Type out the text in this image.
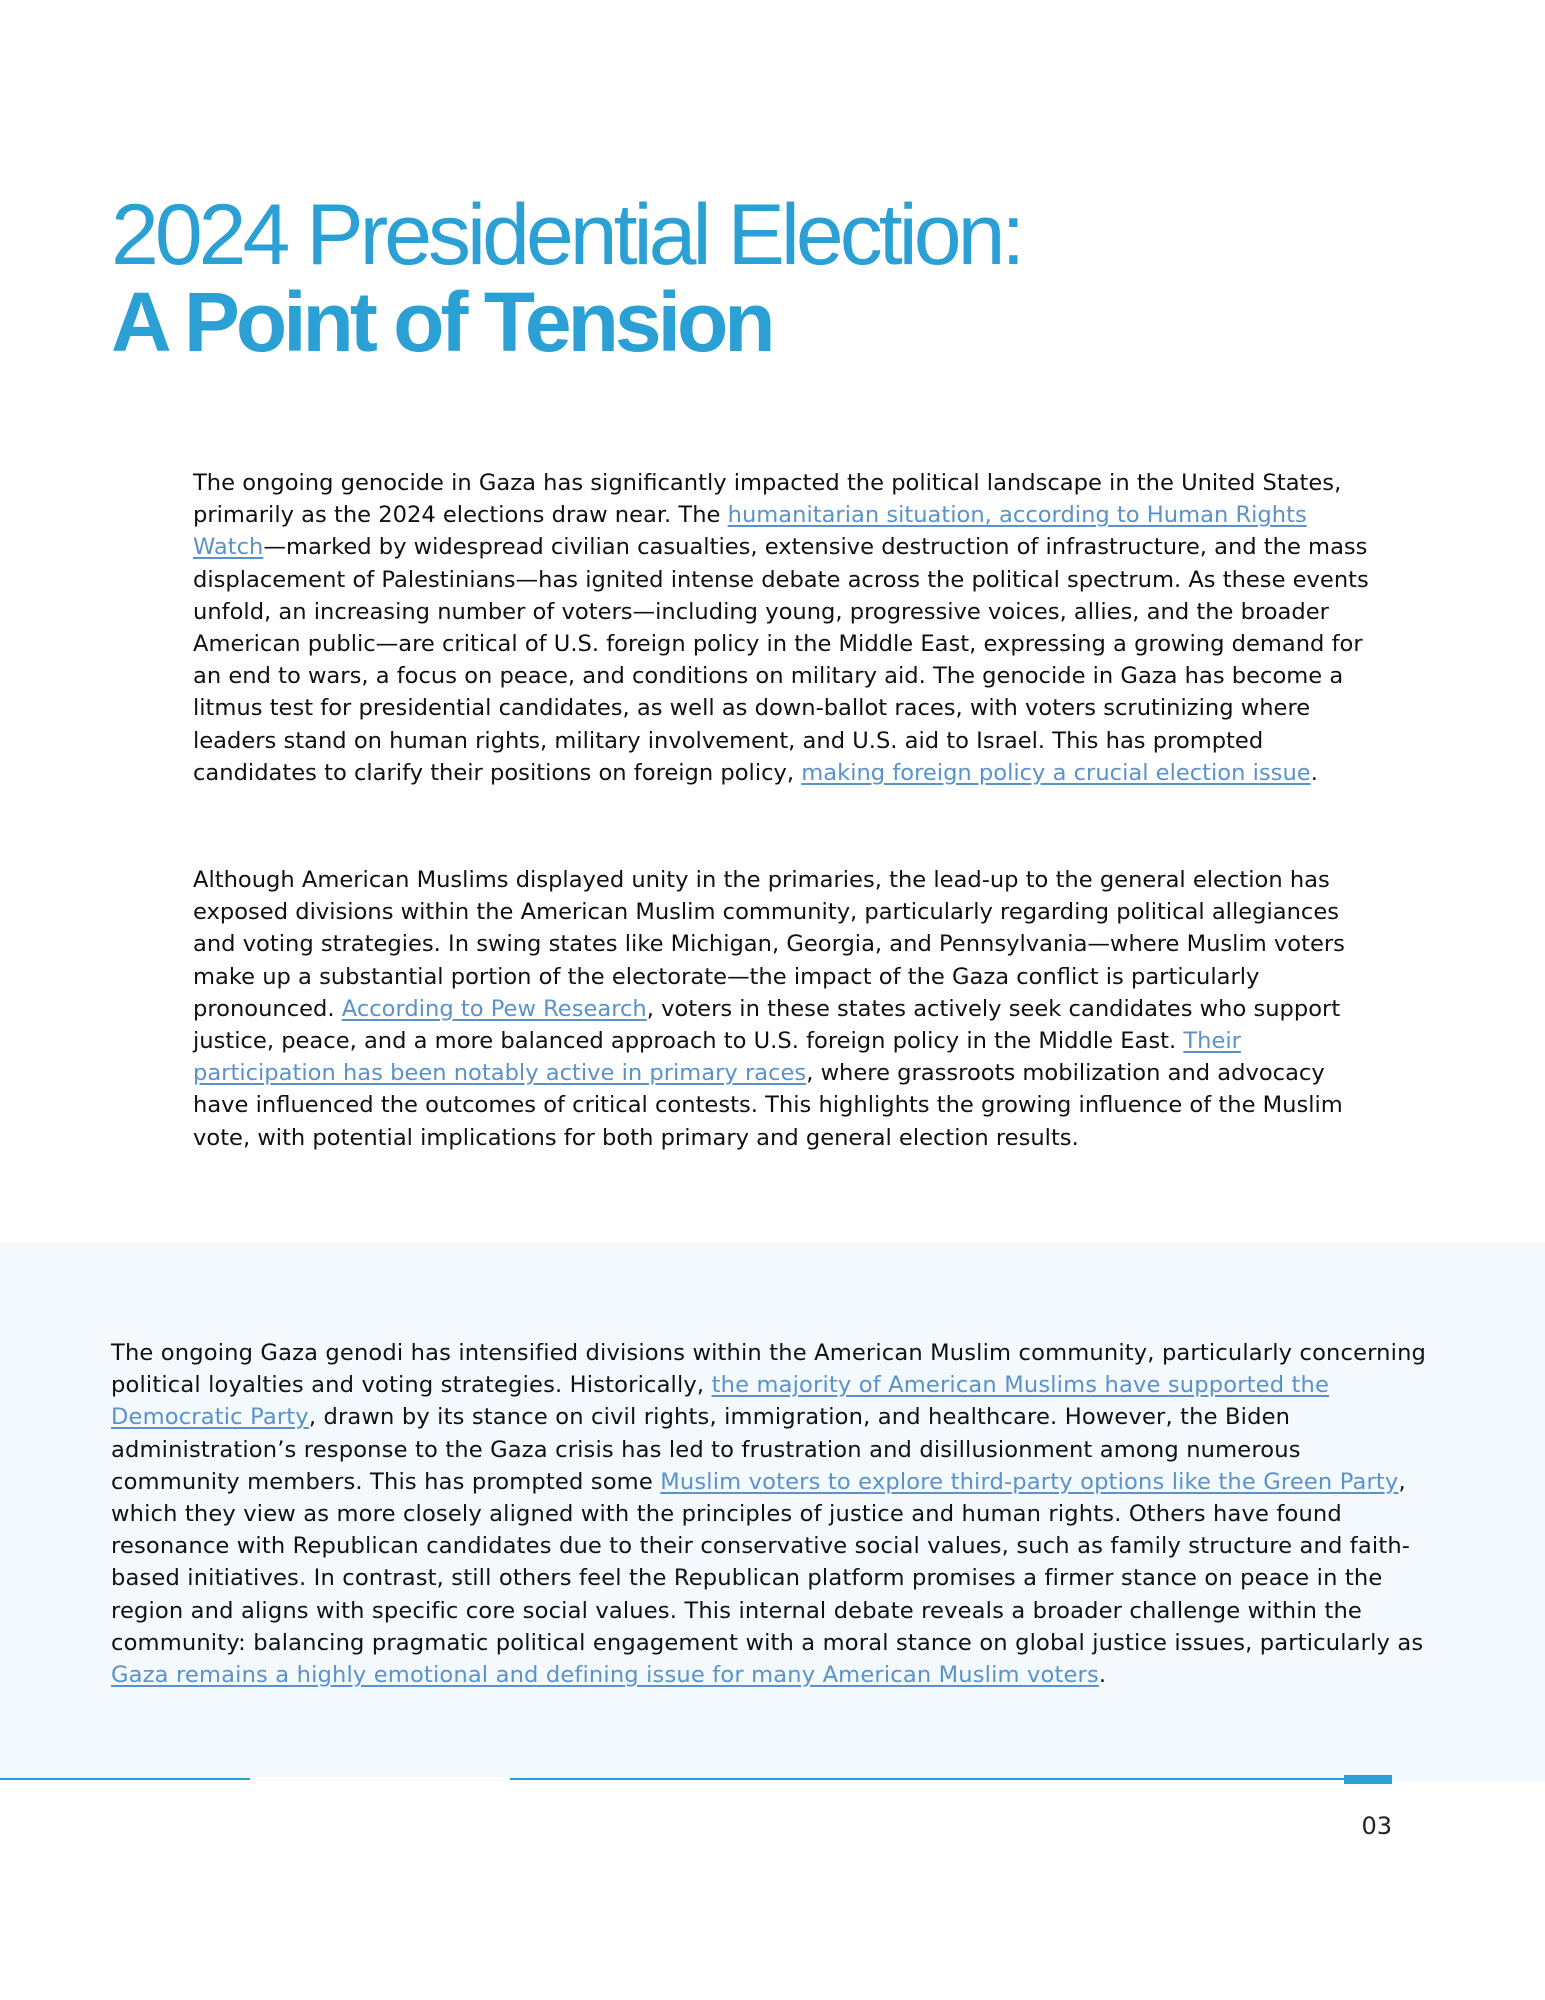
2024 Presidential Election:
A Point of Tension

The ongoing genocide in Gaza has significantly impacted the political landscape in the United States, primarily as the 2024 elections draw near. The humanitarian situation, according to Human Rights Watch—marked by widespread civilian casualties, extensive destruction of infrastructure, and the mass displacement of Palestinians—has ignited intense debate across the political spectrum. As these events unfold, an increasing number of voters—including young, progressive voices, allies, and the broader American public—are critical of U.S. foreign policy in the Middle East, expressing a growing demand for an end to wars, a focus on peace, and conditions on military aid. The genocide in Gaza has become a litmus test for presidential candidates, as well as down-ballot races, with voters scrutinizing where leaders stand on human rights, military involvement, and U.S. aid to Israel. This has prompted candidates to clarify their positions on foreign policy, making foreign policy a crucial election issue.

Although American Muslims displayed unity in the primaries, the lead-up to the general election has exposed divisions within the American Muslim community, particularly regarding political allegiances and voting strategies. In swing states like Michigan, Georgia, and Pennsylvania—where Muslim voters make up a substantial portion of the electorate—the impact of the Gaza conflict is particularly pronounced. According to Pew Research, voters in these states actively seek candidates who support justice, peace, and a more balanced approach to U.S. foreign policy in the Middle East. Their participation has been notably active in primary races, where grassroots mobilization and advocacy have influenced the outcomes of critical contests. This highlights the growing influence of the Muslim vote, with potential implications for both primary and general election results.

The ongoing Gaza genodi has intensified divisions within the American Muslim community, particularly concerning political loyalties and voting strategies. Historically, the majority of American Muslims have supported the Democratic Party, drawn by its stance on civil rights, immigration, and healthcare. However, the Biden administration’s response to the Gaza crisis has led to frustration and disillusionment among numerous community members. This has prompted some Muslim voters to explore third-party options like the Green Party, which they view as more closely aligned with the principles of justice and human rights. Others have found resonance with Republican candidates due to their conservative social values, such as family structure and faith-based initiatives. In contrast, still others feel the Republican platform promises a firmer stance on peace in the region and aligns with specific core social values. This internal debate reveals a broader challenge within the community: balancing pragmatic political engagement with a moral stance on global justice issues, particularly as Gaza remains a highly emotional and defining issue for many American Muslim voters.

03
